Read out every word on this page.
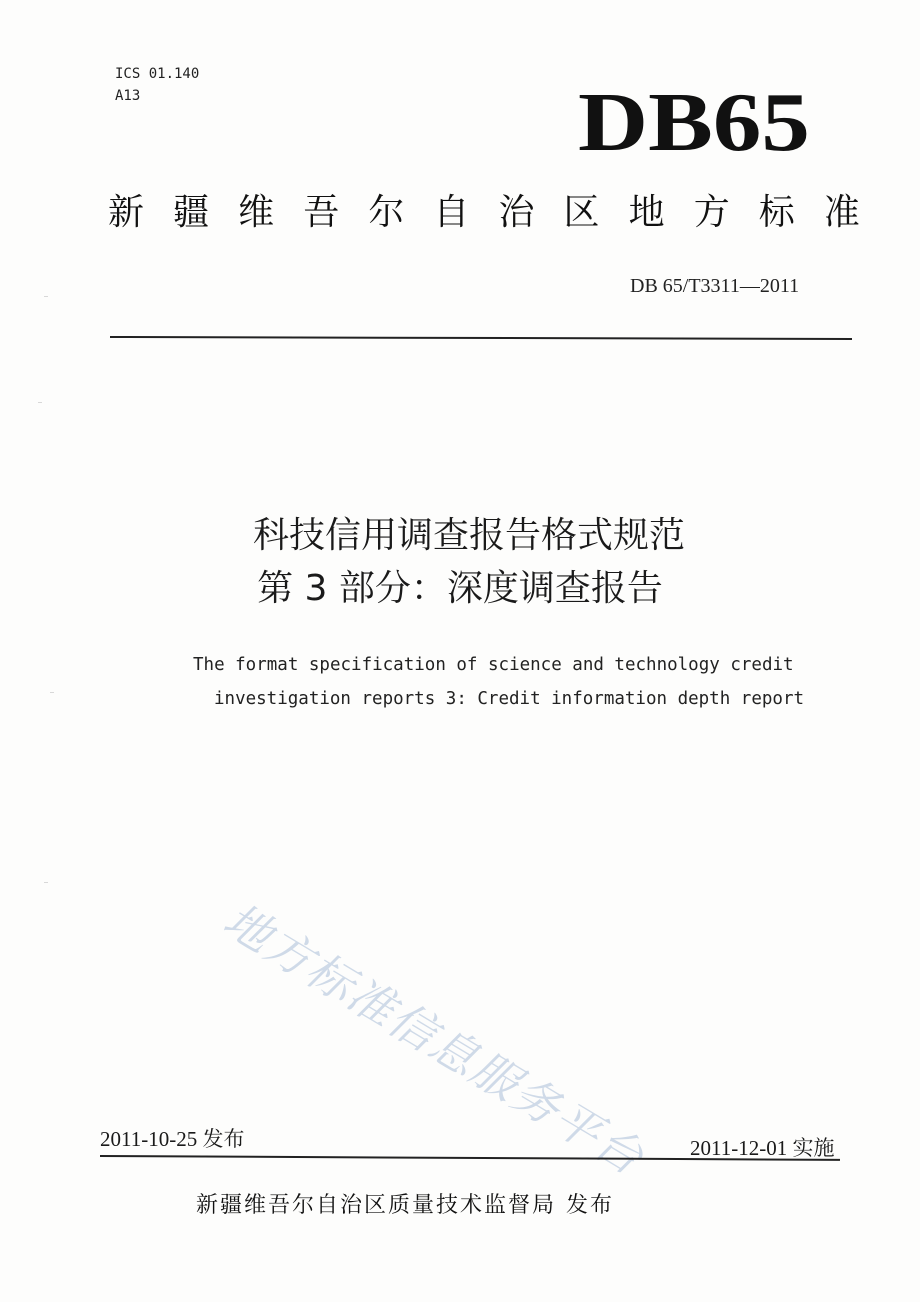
ICS 01.140
A13	DB65
新 疆 维 吾 尔 自 治 区 地 方 标 准
DB 65/T3311—2011
科技信用调查报告格式规范
第 3 部分：深度调查报告
The format specification of science and technology credit
investigation reports 3: Credit information depth report
地方标准信息服务平台
2011-10-25 发布	2011-12-01 实施
新疆维吾尔自治区质量技术监督局 发布
